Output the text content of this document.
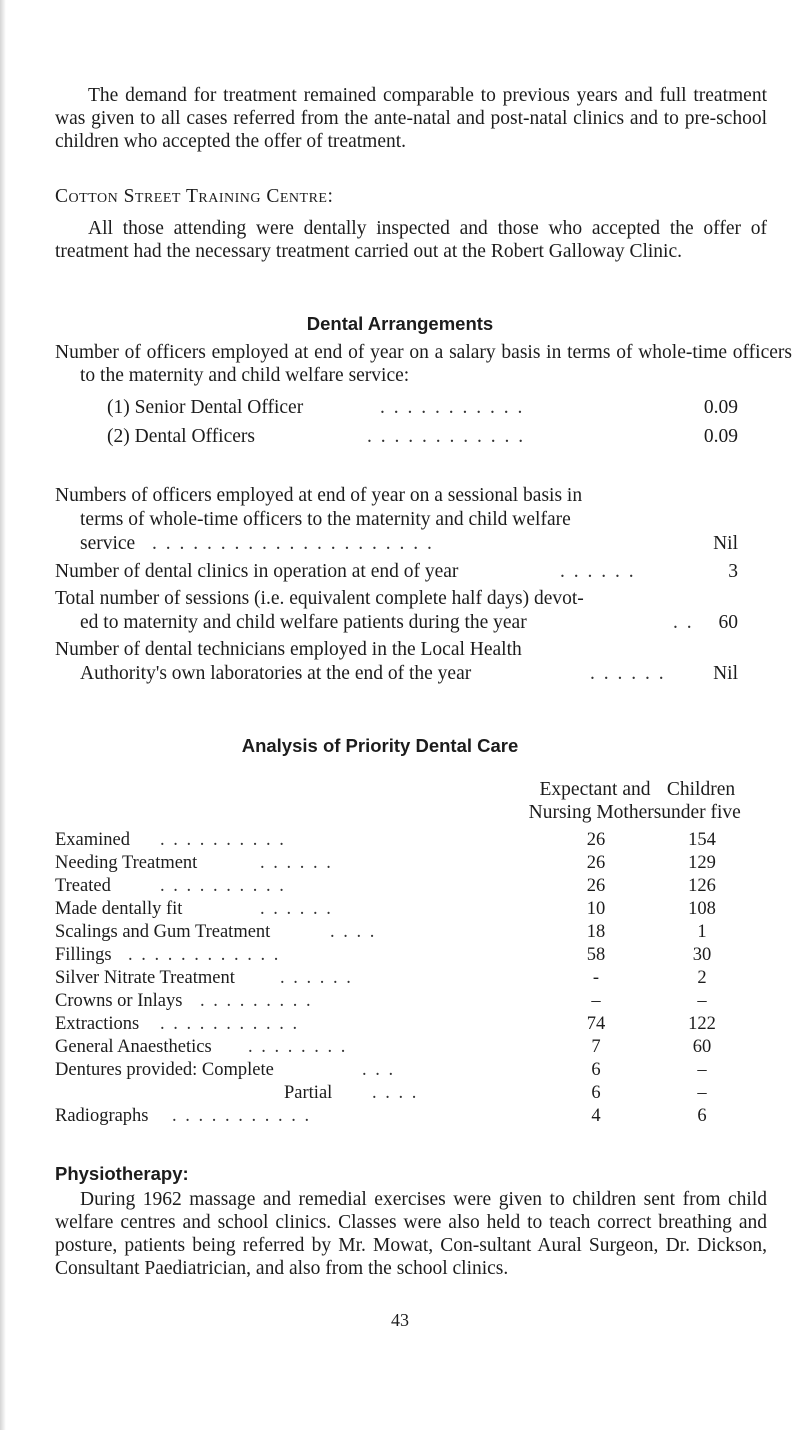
The demand for treatment remained comparable to previous years and full treatment was given to all cases referred from the ante-natal and post-natal clinics and to pre-school children who accepted the offer of treatment.

Cotton Street Training Centre:

All those attending were dentally inspected and those who accepted the offer of treatment had the necessary treatment carried out at the Robert Galloway Clinic.

Dental Arrangements

Number of officers employed at end of year on a salary basis in terms of whole-time officers to the maternity and child welfare service:

(1) Senior Dental Officer	. . . . . . . . . . .	0.09
(2) Dental Officers	. . . . . . . . . . . .	0.09
Numbers of officers employed at end of year on a sessional basis in
terms of whole-time officers to the maternity and child welfare
service . . . . . . . . . . . . . . . . . . . . .	Nil
Number of dental clinics in operation at end of year	. . . . . .	3
Total number of sessions (i.e. equivalent complete half days) devot-
ed to maternity and child welfare patients during the year	. . 60
Number of dental technicians employed in the Local Health
Authority's own laboratories at the end of the year	. . . . . . Nil
Analysis of Priority Dental Care
Expectant and
Nursing Mothers
Children
under five
Examined . . . . . . . . . .	26	154
Needing Treatment	. . . . . .	26	129
Treated	. . . . . . . . . .	26	126
Made dentally fit	. . . . . .	10	108
Scalings and Gum Treatment	. . . .	18	1
Fillings . . . . . . . . . . . .	58	30
Silver Nitrate Treatment . . . . . .	-	2
Crowns or Inlays . . . . . . . . .	–	–
Extractions . . . . . . . . . . .	74	122
General Anaesthetics . . . . . . . .	7	60
Dentures provided: Complete	. . .	6	–
Partial . . . .	6	–
Radiographs . . . . . . . . . . .	4	6
Physiotherapy:

During 1962 massage and remedial exercises were given to children sent from child welfare centres and school clinics. Classes were also held to teach correct breathing and posture, patients being referred by Mr. Mowat, Con-sultant Aural Surgeon, Dr. Dickson, Consultant Paediatrician, and also from the school clinics.

43
